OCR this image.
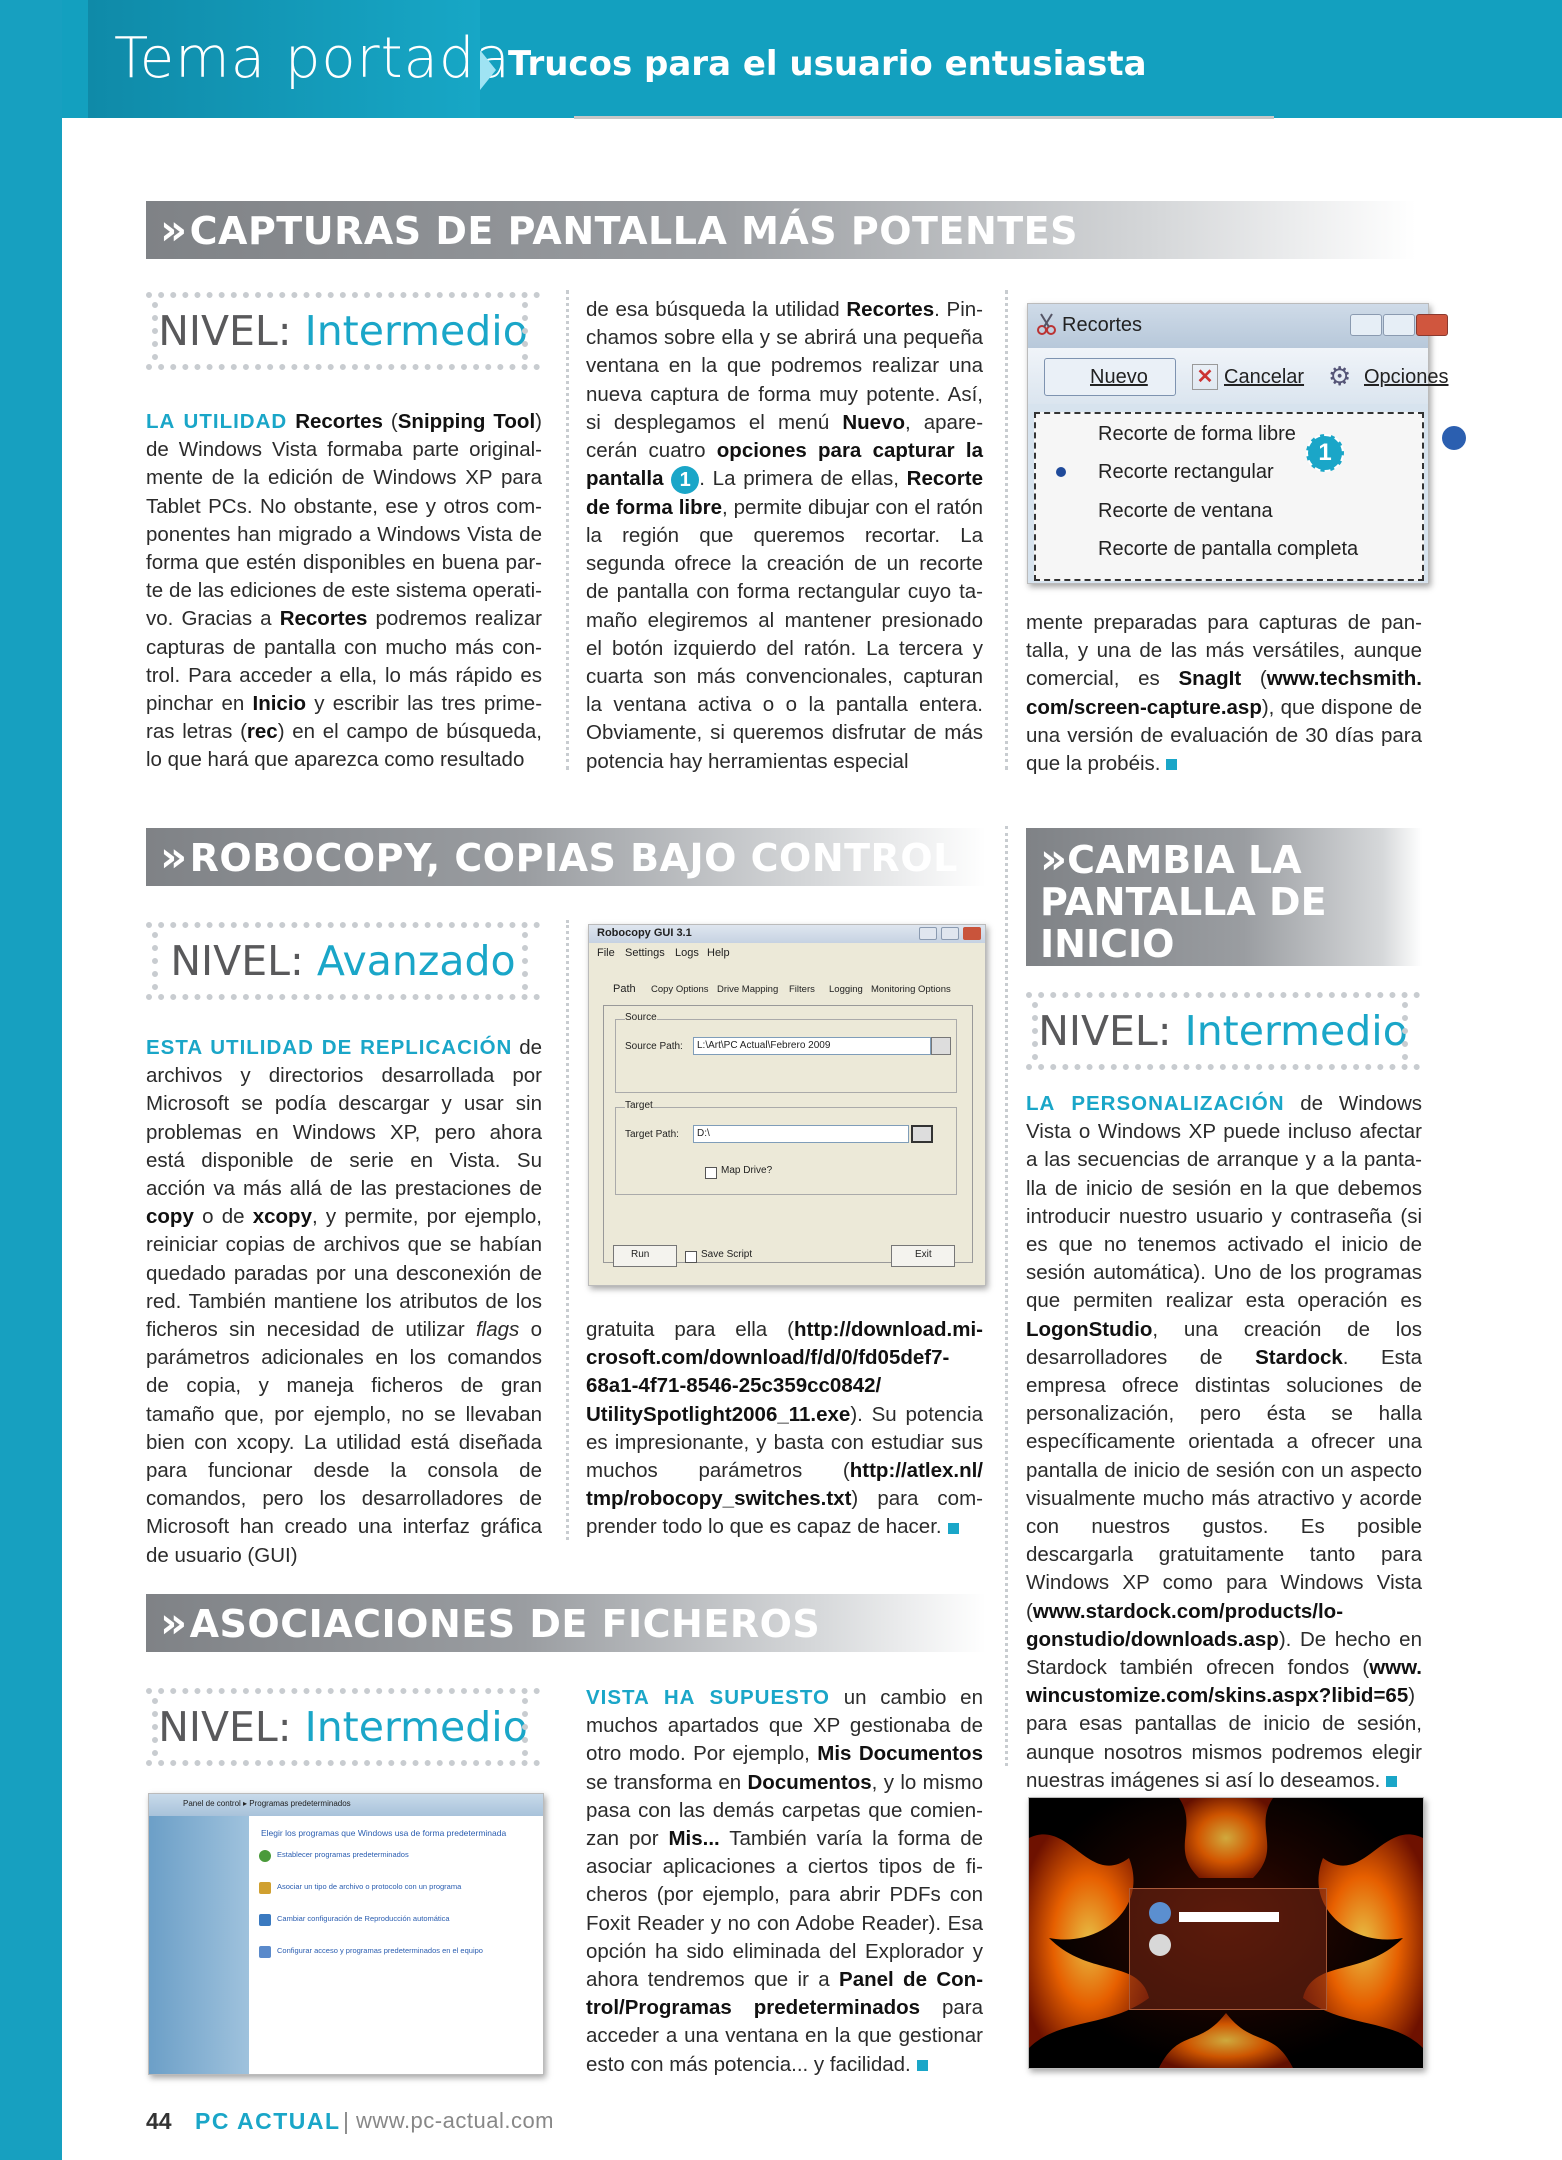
Tema portada
Trucos para el usuario entusiasta
»CAPTURAS DE PANTALLA MÁS POTENTES
NIVEL: Intermedio
LA UTILIDAD Recortes (Snipping Tool) de Windows Vista formaba parte originalmente de la edición de Windows XP para Tablet PCs. No obstante, ese y otros componentes han migrado a Windows Vista de forma que estén disponibles en buena parte de las ediciones de este sistema operativo. Gracias a Recortes podremos realizar capturas de pantalla con mucho más control. Para acceder a ella, lo más rápido es pinchar en Inicio y escribir las tres primeras letras (rec) en el campo de búsqueda, lo que hará que aparezca como resultado
de esa búsqueda la utilidad Recortes. Pinchamos sobre ella y se abrirá una pequeña ventana en la que podremos realizar una nueva captura de forma muy potente. Así, si desplegamos el menú Nuevo, aparecerán cuatro opciones para capturar la pantalla 1 . La primera de ellas, Recorte de forma libre, permite dibujar con el ratón la región que queremos recortar. La segunda ofrece la creación de un recorte de pantalla con forma rectangular cuyo tamaño elegiremos al mantener presionado el botón izquierdo del ratón. La tercera y cuarta son más convencionales, capturan la ventana activa o o la pantalla entera. Obviamente, si queremos disfrutar de más potencia hay herramientas especial
Recortes
Nuevo ✕ Cancelar ⚙ Opciones
Recorte de forma libre
Recorte rectangular
Recorte de ventana
Recorte de pantalla completa
1
mente preparadas para capturas de pantalla, y una de las más versátiles, aunque comercial, es SnagIt (www.techsmith. com/screen-capture.asp), que dispone de una versión de evaluación de 30 días para que la probéis.
»ROBOCOPY, COPIAS BAJO CONTROL
NIVEL: Avanzado
ESTA UTILIDAD DE REPLICACIÓN de archivos y directorios desarrollada por Microsoft se podía descargar y usar sin problemas en Windows XP, pero ahora está disponible de serie en Vista. Su acción va más allá de las prestaciones de copy o de xcopy, y permite, por ejemplo, reiniciar copias de archivos que se habían quedado paradas por una desconexión de red. También mantiene los atributos de los ficheros sin necesidad de utilizar flags o parámetros adicionales en los comandos de copia, y maneja ficheros de gran tamaño que, por ejemplo, no se llevaban bien con xcopy. La utilidad está diseñada para funcionar desde la consola de comandos, pero los desarrolladores de Microsoft han creado una interfaz gráfica de usuario (GUI)
Robocopy GUI 3.1
File Settings Logs Help
Path Copy Options Drive Mapping Filters Logging Monitoring Options
Source
Source Path: L:\Art\PC Actual\Febrero 2009
Target
Target Path: D:\
Map Drive?
Run	Save Script	Exit
gratuita para ella (http://download.microsoft.com/download/f/d/0/fd05def7-68a1-4f71-8546-25c359cc0842/ UtilitySpotlight2006_11.exe). Su potencia es impresionante, y basta con estudiar sus muchos parámetros (http://atlex.nl/ tmp/robocopy_switches.txt) para comprender todo lo que es capaz de hacer.
»CAMBIA LA
PANTALLA DE
INICIO
NIVEL: Intermedio
LA PERSONALIZACIÓN de Windows Vista o Windows XP puede incluso afectar a las secuencias de arranque y a la pantalla de inicio de sesión en la que debemos introducir nuestro usuario y contraseña (si es que no tenemos activado el inicio de sesión automática). Uno de los programas que permiten realizar esta operación es LogonStudio, una creación de los desarrolladores de Stardock. Esta empresa ofrece distintas soluciones de personalización, pero ésta se halla específicamente orientada a ofrecer una pantalla de inicio de sesión con un aspecto visualmente mucho más atractivo y acorde con nuestros gustos. Es posible descargarla gratuitamente tanto para Windows XP como para Windows Vista (www.stardock.com/products/logonstudio/downloads.asp). De hecho en Stardock también ofrecen fondos (www. wincustomize.com/skins.aspx?libid=65) para esas pantallas de inicio de sesión, aunque nosotros mismos podremos elegir nuestras imágenes si así lo deseamos.
»ASOCIACIONES DE FICHEROS
NIVEL: Intermedio
Panel de control ▸ Programas predeterminados
Elegir los programas que Windows usa de forma predeterminada
Establecer programas predeterminados
Asociar un tipo de archivo o protocolo con un programa
Cambiar configuración de Reproducción automática
Configurar acceso y programas predeterminados en el equipo
VISTA HA SUPUESTO un cambio en muchos apartados que XP gestionaba de otro modo. Por ejemplo, Mis Documentos se transforma en Documentos, y lo mismo pasa con las demás carpetas que comienzan por Mis... También varía la forma de asociar aplicaciones a ciertos tipos de ficheros (por ejemplo, para abrir PDFs con Foxit Reader y no con Adobe Reader). Esa opción ha sido eliminada del Explorador y ahora tendremos que ir a Panel de Control/Programas predeterminados para acceder a una ventana en la que gestionar esto con más potencia... y facilidad.
44 PC ACTUAL | www.pc-actual.com
